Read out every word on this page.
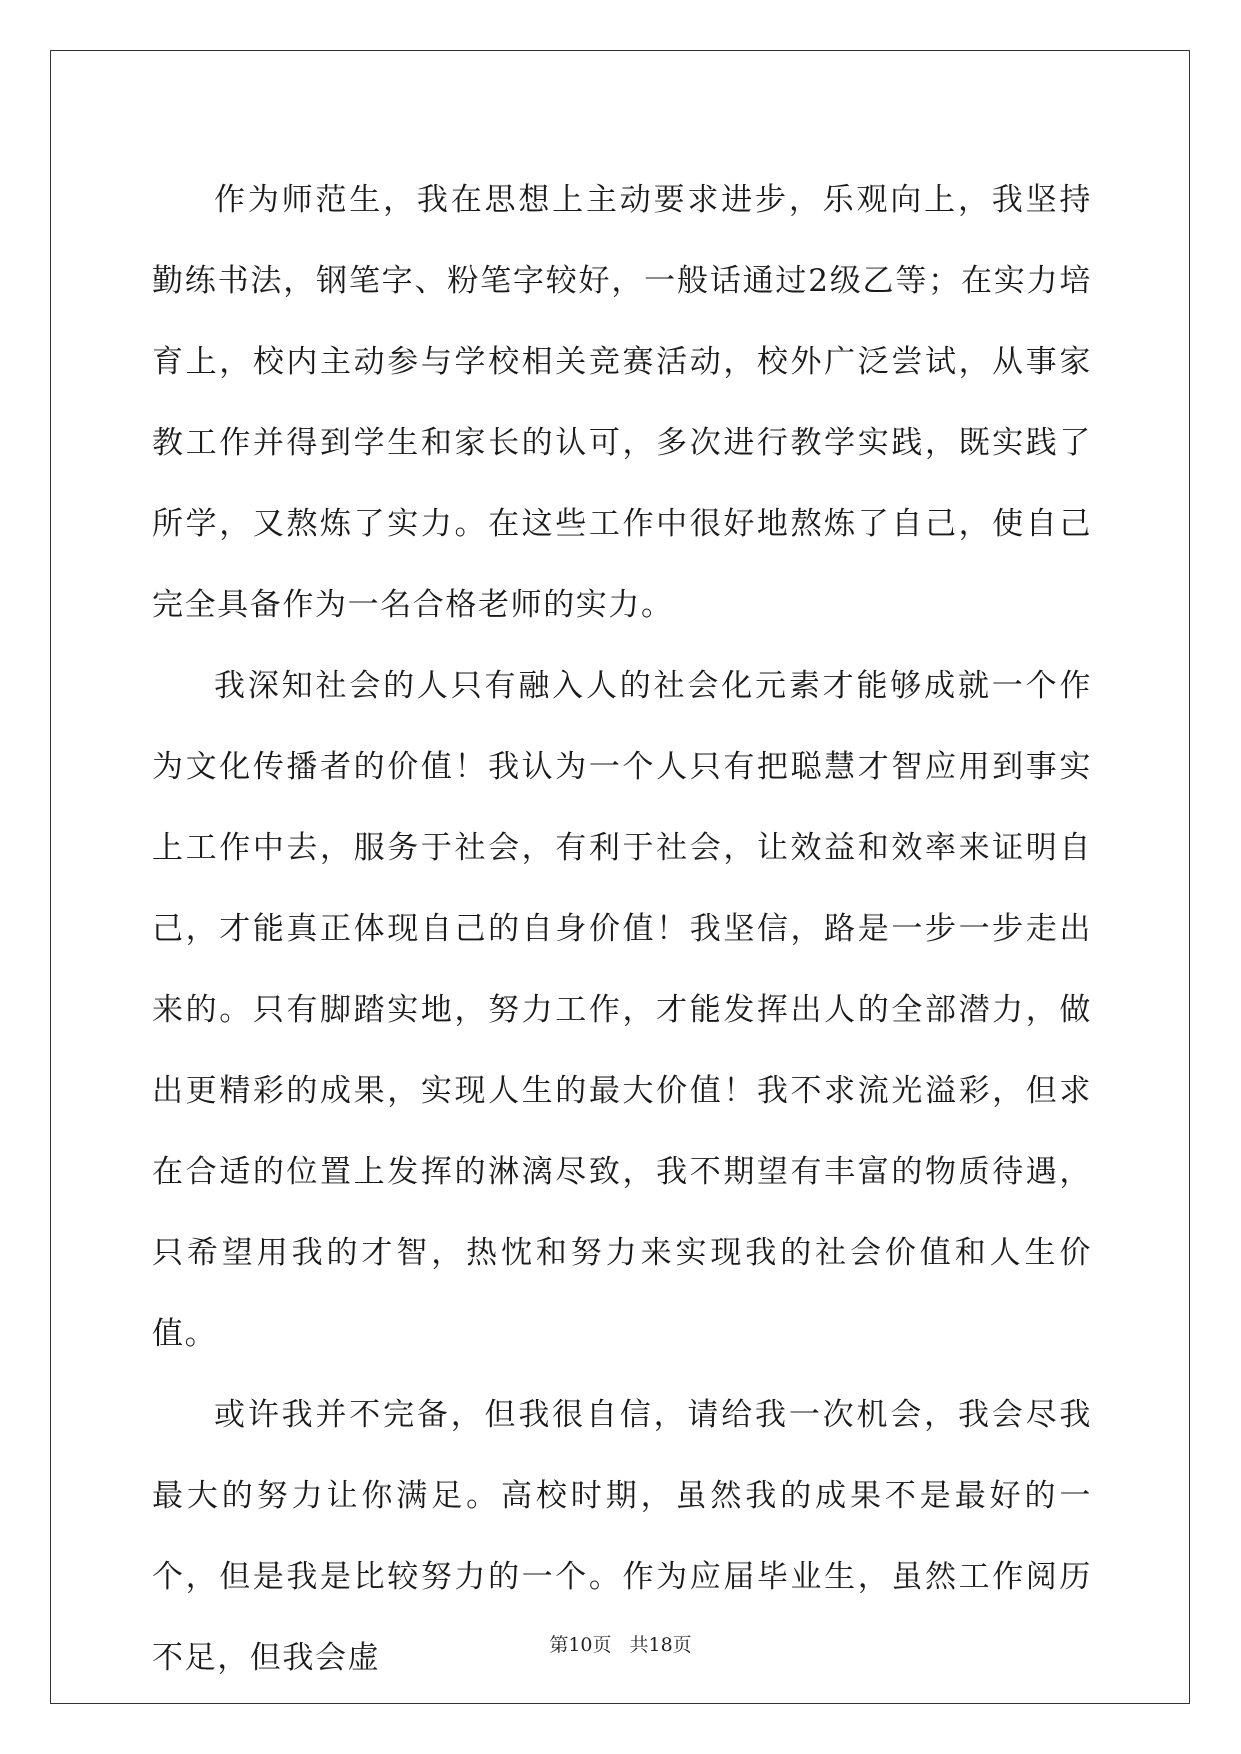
作为师范生，我在思想上主动要求进步，乐观向上，我坚持勤练书法，钢笔字、粉笔字较好，一般话通过2级乙等；在实力培育上，校内主动参与学校相关竞赛活动，校外广泛尝试，从事家教工作并得到学生和家长的认可，多次进行教学实践，既实践了所学，又熬炼了实力。在这些工作中很好地熬炼了自己，使自己完全具备作为一名合格老师的实力。

我深知社会的人只有融入人的社会化元素才能够成就一个作为文化传播者的价值！我认为一个人只有把聪慧才智应用到事实上工作中去，服务于社会，有利于社会，让效益和效率来证明自己，才能真正体现自己的自身价值！我坚信，路是一步一步走出来的。只有脚踏实地，努力工作，才能发挥出人的全部潜力，做出更精彩的成果，实现人生的最大价值！我不求流光溢彩，但求在合适的位置上发挥的淋漓尽致，我不期望有丰富的物质待遇，只希望用我的才智，热忱和努力来实现我的社会价值和人生价值。

或许我并不完备，但我很自信，请给我一次机会，我会尽我最大的努力让你满足。高校时期，虽然我的成果不是最好的一个，但是我是比较努力的一个。作为应届毕业生，虽然工作阅历不足，但我会虚	第10页 共18页
